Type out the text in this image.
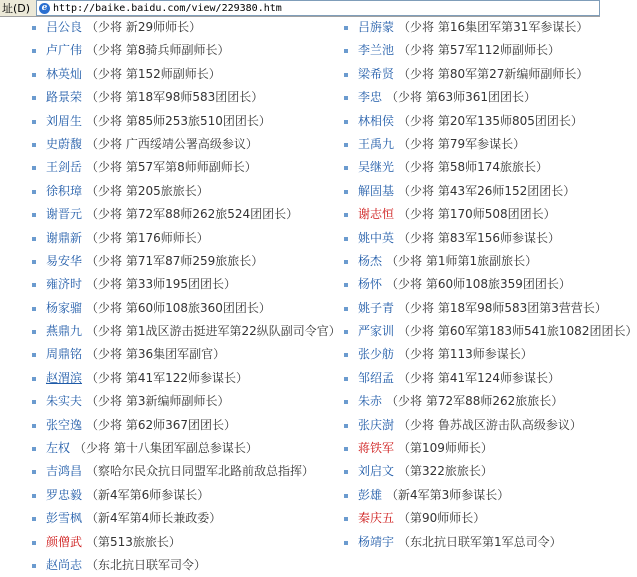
址(D)	e http://baike.baidu.com/view/229380.htm
吕公良 （少将 新29师师长）
卢广伟 （少将 第8骑兵师副师长）
林英灿 （少将 第152师副师长）
路景荣 （少将 第18军98师583团团长）
刘眉生 （少将 第85师253旅510团团长）
史蔚馥 （少将 广西绥靖公署高级参议）
王剑岳 （少将 第57军第8师师副师长）
徐积璋 （少将 第205旅旅长）
谢晋元 （少将 第72军88师262旅524团团长）
谢鼎新 （少将 第176师师长）
易安华 （少将 第71军87师259旅旅长）
雍济时 （少将 第33师195团团长）
杨家骝 （少将 第60师108旅360团团长）
燕鼎九 （少将 第1战区游击挺进军第22纵队副司令官）
周鼎铭 （少将 第36集团军副官）
赵渭滨 （少将 第41军122师参谋长）
朱实夫 （少将 第3新编师副师长）
张空逸 （少将 第62师367团团长）
左权 （少将 第十八集团军副总参谋长）
吉鸿昌 （察哈尔民众抗日同盟军北路前敌总指挥）
罗忠毅 （新4军第6师参谋长）
彭雪枫 （新4军第4师长兼政委）
颜僧武 （第513旅旅长）
赵尚志 （东北抗日联军司令）
吕旃蒙 （少将 第16集团军第31军参谋长）
李兰池 （少将 第57军112师副师长）
梁希贤 （少将 第80军第27新编师副师长）
李忠 （少将 第63师361团团长）
林相侯 （少将 第20军135师805团团长）
王禹九 （少将 第79军参谋长）
吴继光 （少将 第58师174旅旅长）
解固基 （少将 第43军26师152团团长）
谢志恒 （少将 第170师508团团长）
姚中英 （少将 第83军156师参谋长）
杨杰 （少将 第1师第1旅副旅长）
杨怀 （少将 第60师108旅359团团长）
姚子青 （少将 第18军98师583团第3营营长）
严家训 （少将 第60军第183师541旅1082团团长）
张少舫 （少将 第113师参谋长）
邹绍孟 （少将 第41军124师参谋长）
朱赤 （少将 第72军88师262旅旅长）
张庆澍 （少将 鲁苏战区游击队高级参议）
蒋铁军 （第109师师长）
刘启文 （第322旅旅长）
彭雄 （新4军第3师参谋长）
秦庆五 （第90师师长）
杨靖宇 （东北抗日联军第1军总司令）
